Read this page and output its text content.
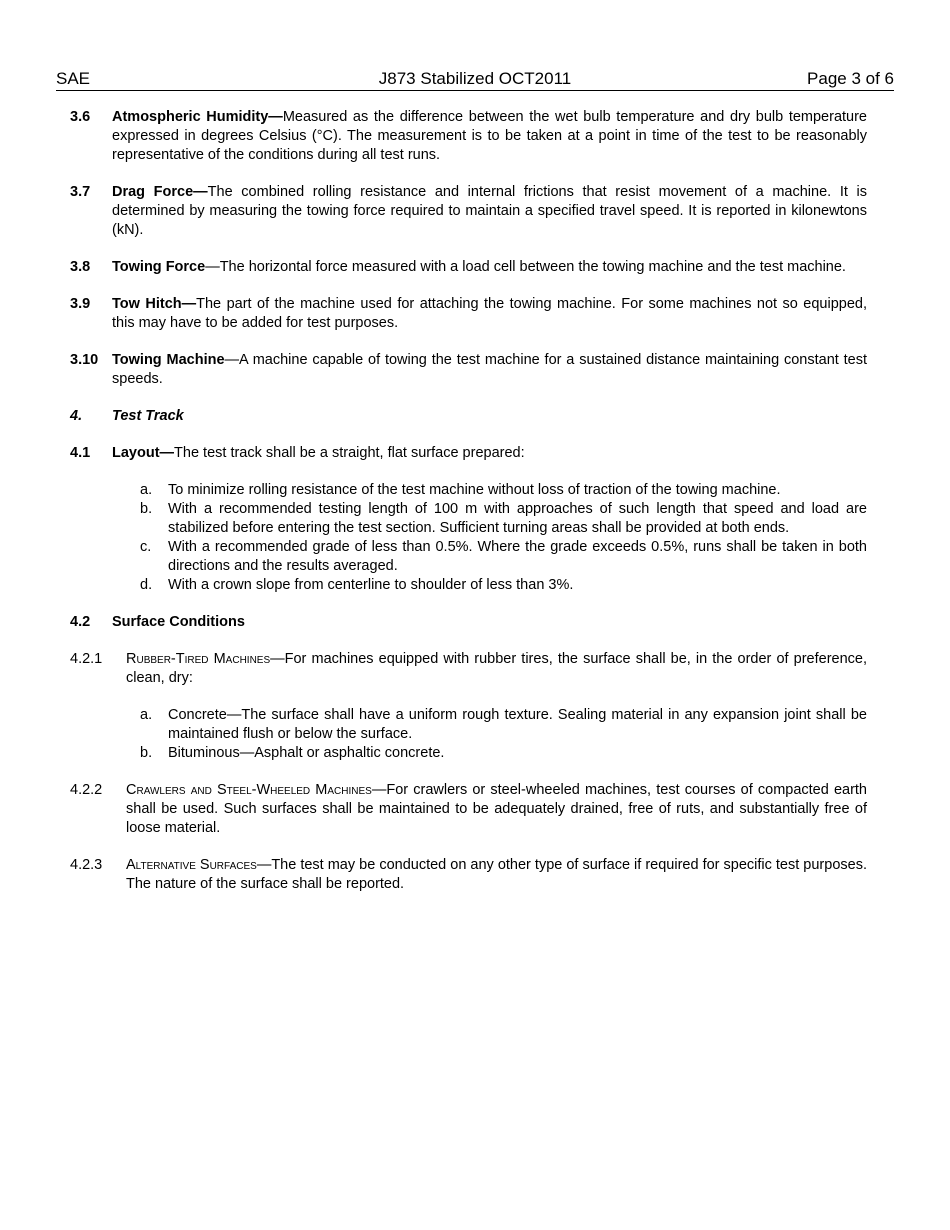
SAE	J873 Stabilized OCT2011	Page 3 of 6
3.6	Atmospheric Humidity—Measured as the difference between the wet bulb temperature and dry bulb temperature expressed in degrees Celsius (°C). The measurement is to be taken at a point in time of the test to be reasonably representative of the conditions during all test runs.
3.7	Drag Force—The combined rolling resistance and internal frictions that resist movement of a machine. It is determined by measuring the towing force required to maintain a specified travel speed. It is reported in kilonewtons (kN).
3.8	Towing Force—The horizontal force measured with a load cell between the towing machine and the test machine.
3.9	Tow Hitch—The part of the machine used for attaching the towing machine. For some machines not so equipped, this may have to be added for test purposes.
3.10 Towing Machine—A machine capable of towing the test machine for a sustained distance maintaining constant test speeds.
4.	Test Track
4.1	Layout—The test track shall be a straight, flat surface prepared:
a.	To minimize rolling resistance of the test machine without loss of traction of the towing machine.
b.	With a recommended testing length of 100 m with approaches of such length that speed and load are stabilized before entering the test section. Sufficient turning areas shall be provided at both ends.
c.	With a recommended grade of less than 0.5%. Where the grade exceeds 0.5%, runs shall be taken in both directions and the results averaged.
d.	With a crown slope from centerline to shoulder of less than 3%.
4.2	Surface Conditions
4.2.1	Rubber-Tired Machines—For machines equipped with rubber tires, the surface shall be, in the order of preference, clean, dry:
a.	Concrete—The surface shall have a uniform rough texture. Sealing material in any expansion joint shall be maintained flush or below the surface.
b.	Bituminous—Asphalt or asphaltic concrete.
4.2.2	Crawlers and Steel-Wheeled Machines—For crawlers or steel-wheeled machines, test courses of compacted earth shall be used. Such surfaces shall be maintained to be adequately drained, free of ruts, and substantially free of loose material.
4.2.3	Alternative Surfaces—The test may be conducted on any other type of surface if required for specific test purposes. The nature of the surface shall be reported.
